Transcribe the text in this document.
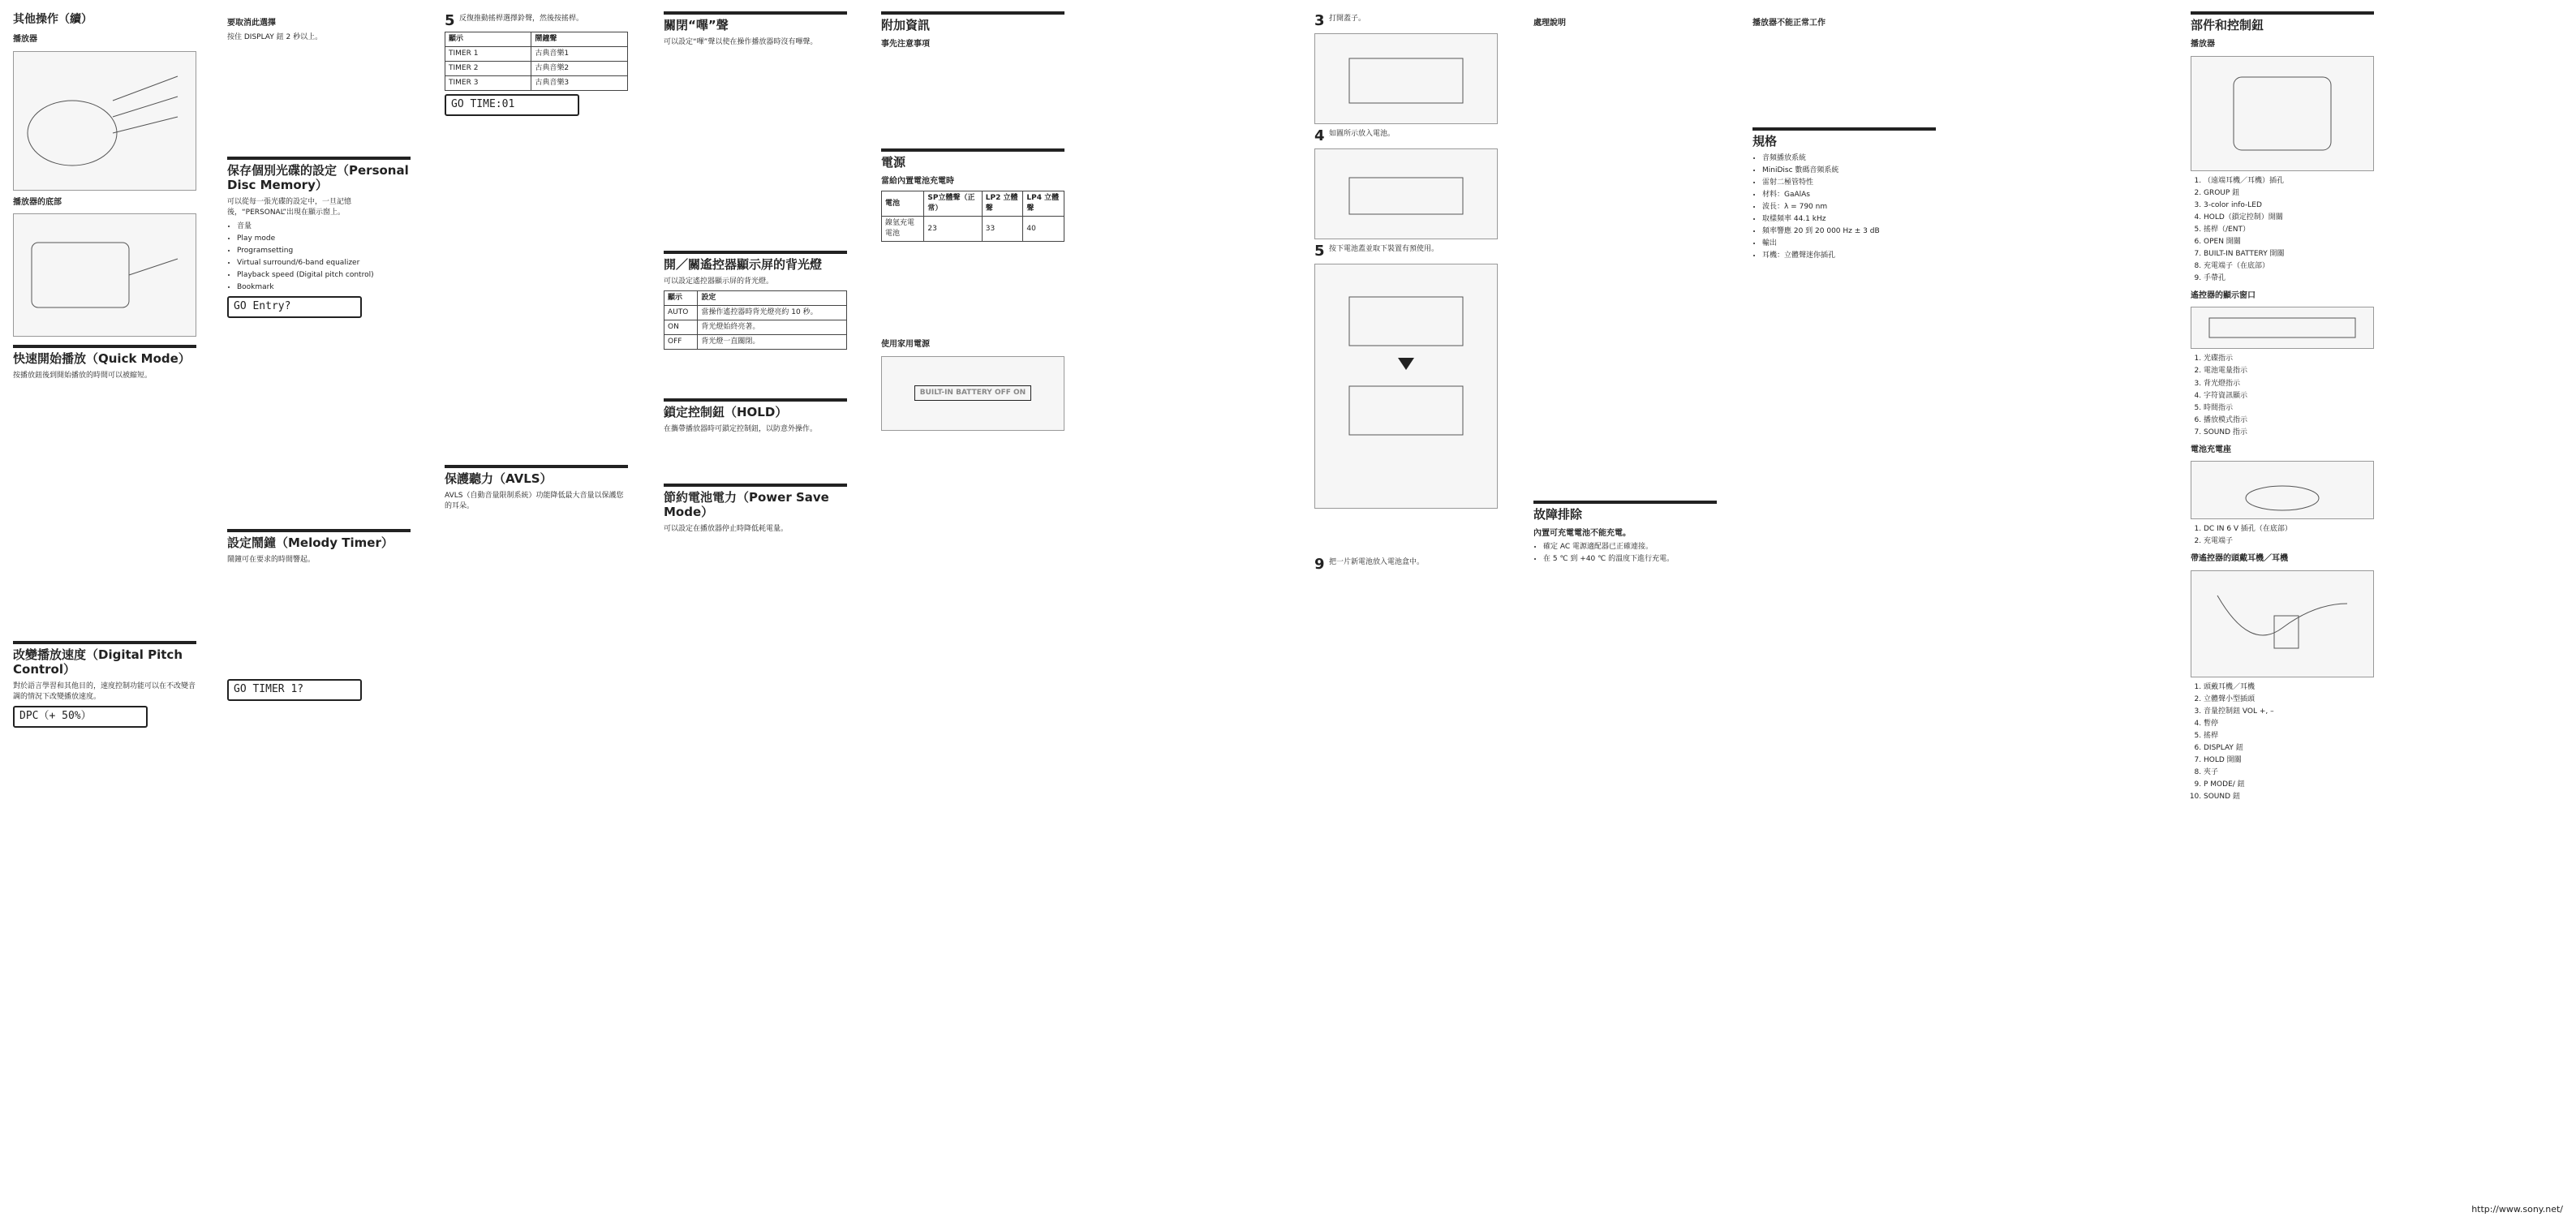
其他操作（續）
播放器
播放器的底部
快速開始播放（Quick Mode）
按播放鈕後到開始播放的時間可以被縮短。
改變播放速度（Digital Pitch Control）
對於語言學習和其他目的，速度控制功能可以在不改變音調的情況下改變播放速度。
DPC（+ 50%）
要取消此選擇
按住 DISPLAY 鈕 2 秒以上。
保存個別光碟的設定（Personal Disc Memory）
可以從每一張光碟的設定中，一旦記憶後，“PERSONAL”出現在顯示窗上。
• 音量
• Play mode
• Programsetting
• Virtual surround/6-band equalizer
• Playback speed (Digital pitch control)
• Bookmark
GO Entry?
設定鬧鐘（Melody Timer）
鬧鐘可在要求的時間響起。
GO TIMER 1?
5 反復推動搖桿選擇鈴聲，然後按搖桿。
顯示	鬧鐘聲
TIMER 1	古典音樂1
TIMER 2	古典音樂2
TIMER 3	古典音樂3
GO TIME:01
保護聽力（AVLS）
AVLS（自動音量限制系統）功能降低最大音量以保護您的耳朵。
關閉“嗶”聲
可以設定“嗶”聲以使在操作播放器時沒有嗶聲。
開／關遙控器顯示屏的背光燈
可以設定遙控器顯示屏的背光燈。
顯示	設定
AUTO	當操作遙控器時背光燈亮約 10 秒。
ON	背光燈始終亮著。
OFF	背光燈一直關閉。
鎖定控制鈕（HOLD）
在攜帶播放器時可鎖定控制鈕，以防意外操作。
節約電池電力（Power Save Mode）
可以設定在播放器停止時降低耗電量。
附加資訊
事先注意事項
電源
當給內置電池充電時
電池	SP立體聲（正常）	LP2 立體聲	LP4 立體聲
鎳氫充電電池	23	33	40
使用家用電源
BUILT-IN BATTERY OFF ON
3 打開蓋子。
4 如圖所示放入電池。
5 按下電池蓋並取下裝置有預使用。
9 把一片新電池放入電池盒中。
處理說明
故障排除
內置可充電電池不能充電。
• 確定 AC 電源適配器已正確連接。
• 在 5 ℃ 到 +40 ℃ 的溫度下進行充電。
播放器不能正常工作
規格
• 音頻播放系統
• MiniDisc 數碼音頻系統
• 雷射二極管特性
• 材料：GaAlAs
• 波長：λ = 790 nm
• 取樣頻率 44.1 kHz
• 頻率響應 20 到 20 000 Hz ± 3 dB
• 輸出
• 耳機：立體聲迷你插孔
部件和控制鈕
播放器
1. （遠端耳機／耳機）插孔
2. GROUP 鈕
3. 3-color info-LED
4. HOLD（鎖定控制）開關
5. 搖桿（/ENT）
6. OPEN 開關
7. BUILT-IN BATTERY 開關
8. 充電端子（在底部）
9. 手帶孔
遙控器的顯示窗口
1. 光碟指示
2. 電池電量指示
3. 背光燈指示
4. 字符資訊顯示
5. 時間指示
6. 播放模式指示
7. SOUND 指示
電池充電座
1. DC IN 6 V 插孔（在底部）
2. 充電端子
帶遙控器的頭戴耳機／耳機
1. 頭戴耳機／耳機
2. 立體聲小型插頭
3. 音量控制鈕 VOL +, –
4. 暫停
5. 搖桿
6. DISPLAY 鈕
7. HOLD 開關
8. 夾子
9. P MODE/ 鈕
10. SOUND 鈕
http://www.sony.net/
